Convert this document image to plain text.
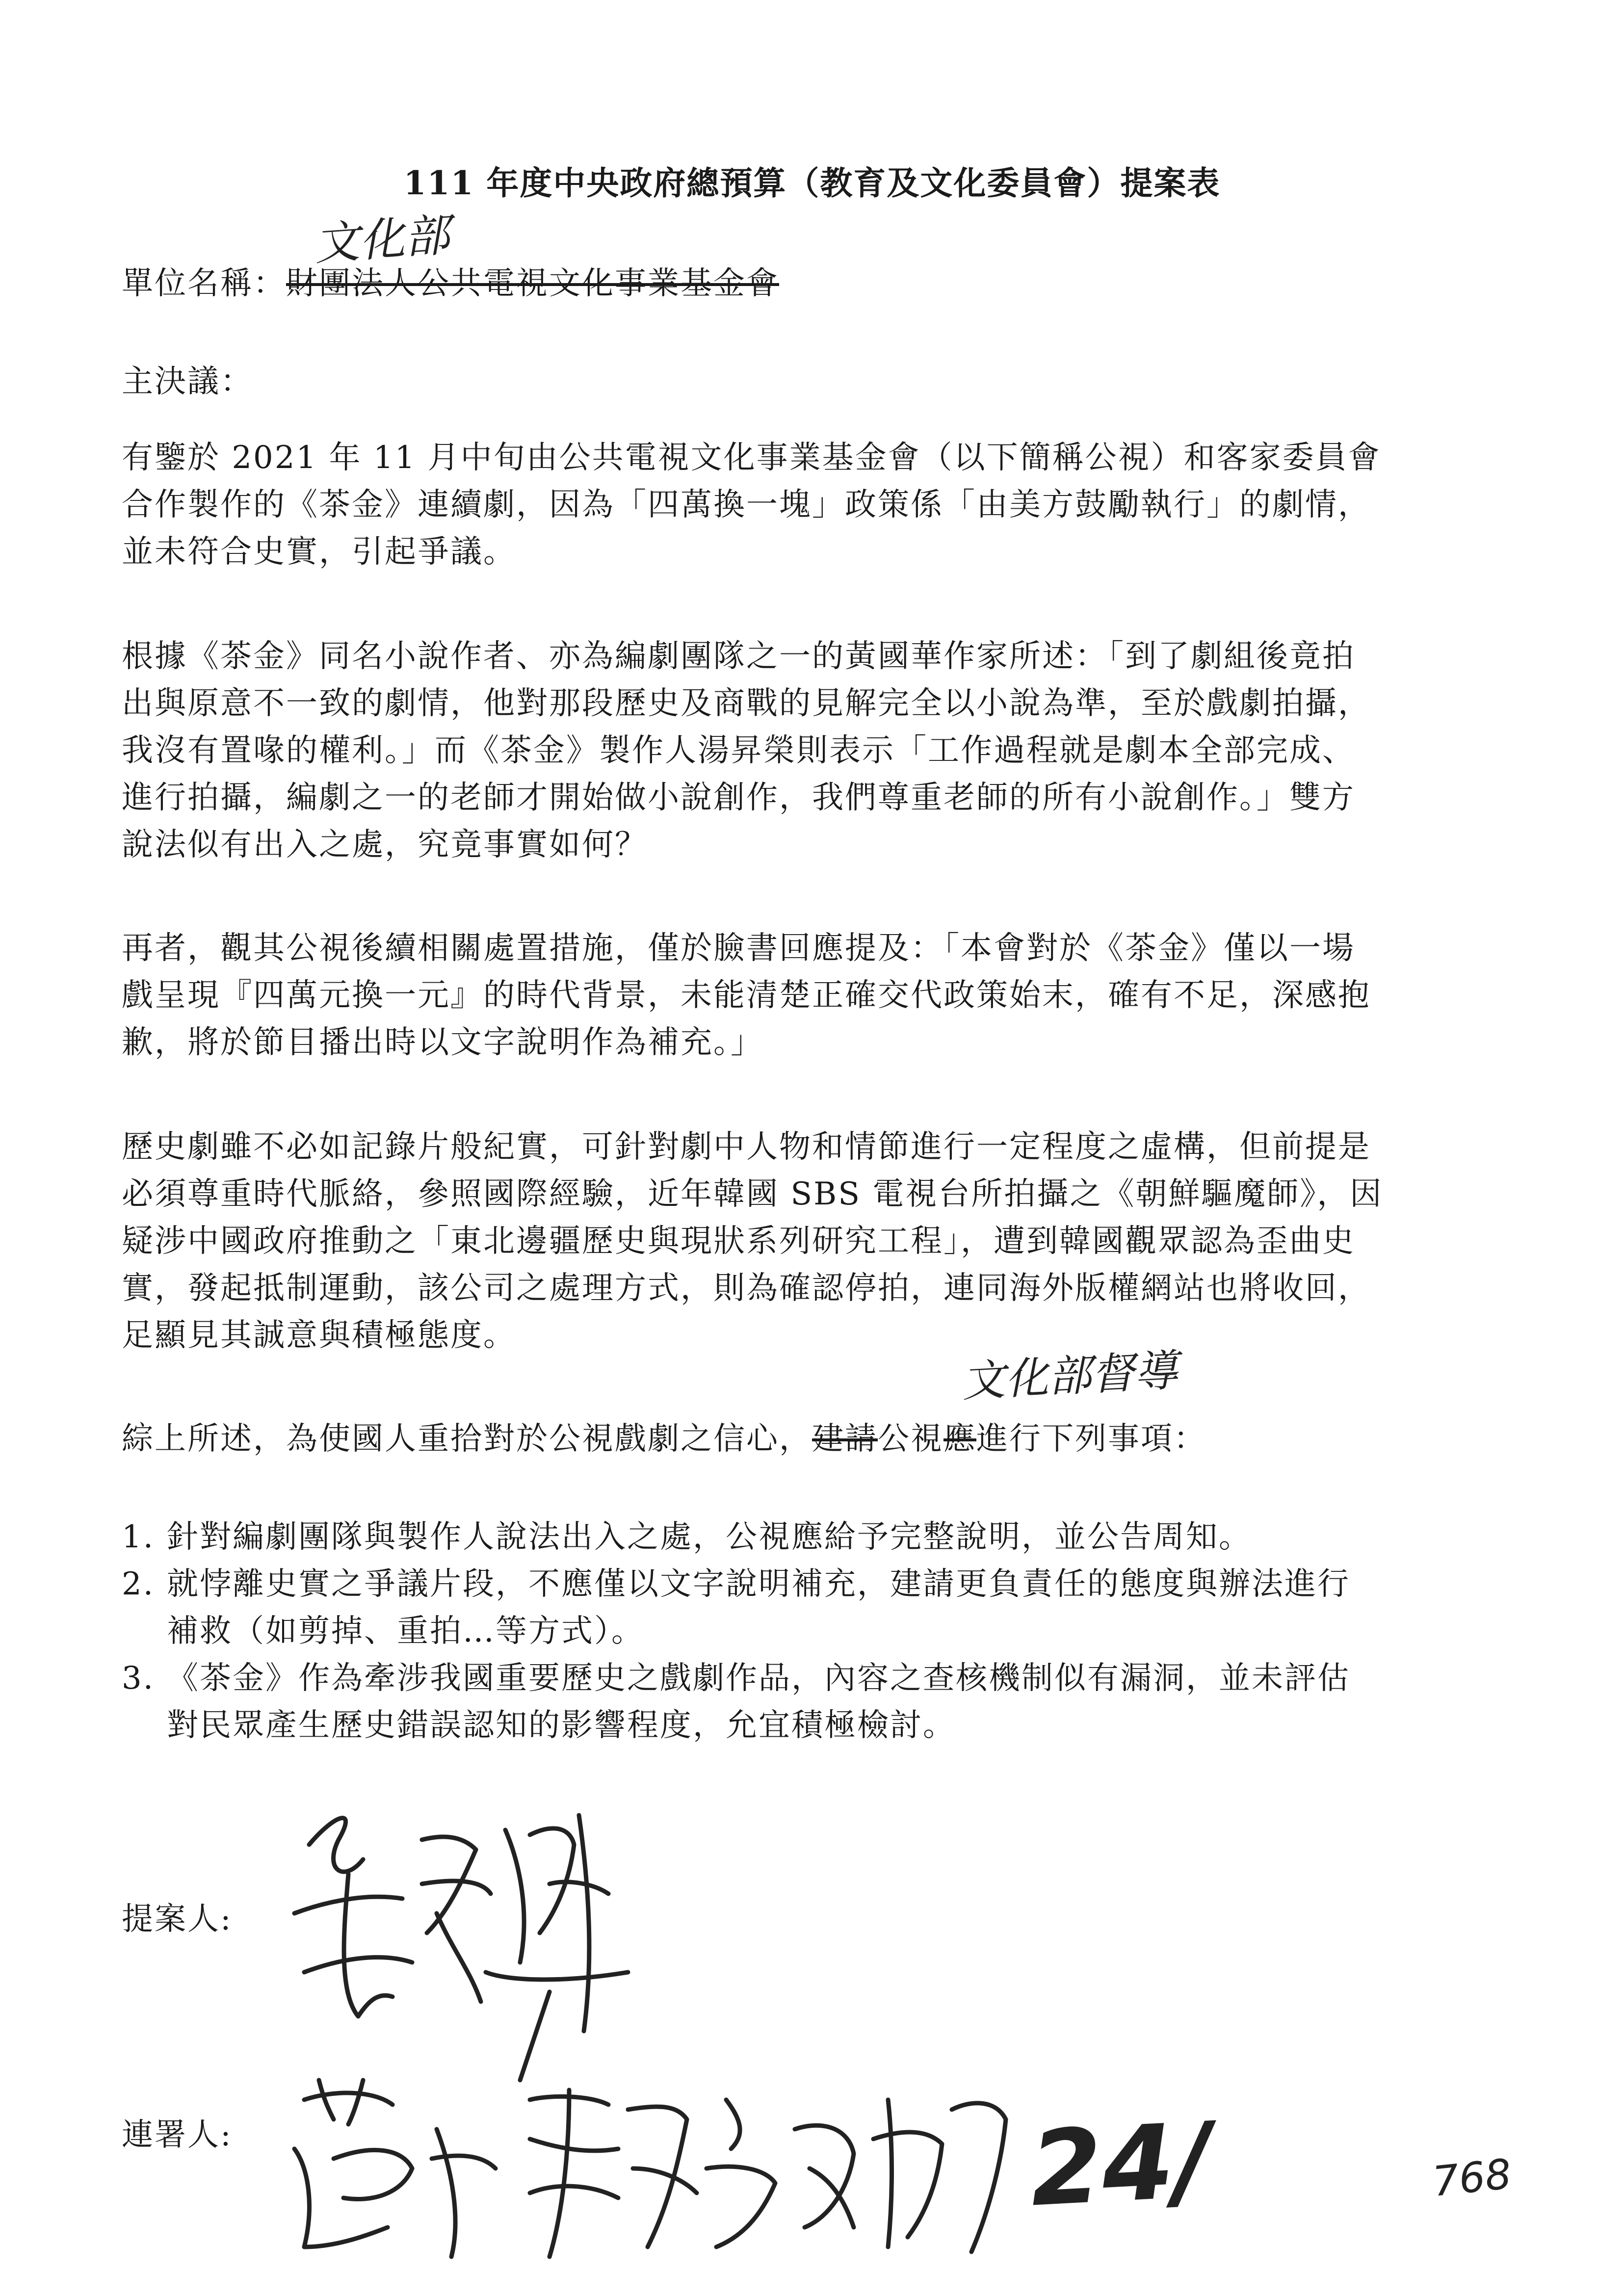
111 年度中央政府總預算（教育及文化委員會）提案表
文化部
單位名稱：財團法人公共電視文化事業基金會
主決議：
有鑒於 2021 年 11 月中旬由公共電視文化事業基金會（以下簡稱公視）和客家委員會
合作製作的《茶金》連續劇，因為「四萬換一塊」政策係「由美方鼓勵執行」的劇情，
並未符合史實，引起爭議。
根據《茶金》同名小說作者、亦為編劇團隊之一的黃國華作家所述：「到了劇組後竟拍
出與原意不一致的劇情，他對那段歷史及商戰的見解完全以小說為準，至於戲劇拍攝，
我沒有置喙的權利。」而《茶金》製作人湯昇榮則表示「工作過程就是劇本全部完成、
進行拍攝，編劇之一的老師才開始做小說創作，我們尊重老師的所有小說創作。」雙方
說法似有出入之處，究竟事實如何？
再者，觀其公視後續相關處置措施，僅於臉書回應提及：「本會對於《茶金》僅以一場
戲呈現『四萬元換一元』的時代背景，未能清楚正確交代政策始末，確有不足，深感抱
歉，將於節目播出時以文字說明作為補充。」
歷史劇雖不必如記錄片般紀實，可針對劇中人物和情節進行一定程度之虛構，但前提是
必須尊重時代脈絡，參照國際經驗，近年韓國 SBS 電視台所拍攝之《朝鮮驅魔師》，因
疑涉中國政府推動之「東北邊疆歷史與現狀系列研究工程」，遭到韓國觀眾認為歪曲史
實，發起抵制運動，該公司之處理方式，則為確認停拍，連同海外版權網站也將收回，
足顯見其誠意與積極態度。
文化部督導
綜上所述，為使國人重拾對於公視戲劇之信心，建請公視應進行下列事項：
1. 針對編劇團隊與製作人說法出入之處，公視應給予完整說明，並公告周知。
2. 就悖離史實之爭議片段，不應僅以文字說明補充，建請更負責任的態度與辦法進行
補救（如剪掉、重拍…等方式）。
3. 《茶金》作為牽涉我國重要歷史之戲劇作品，內容之查核機制似有漏洞，並未評估
對民眾產生歷史錯誤認知的影響程度，允宜積極檢討。
提案人:
連署人:	24/	768
